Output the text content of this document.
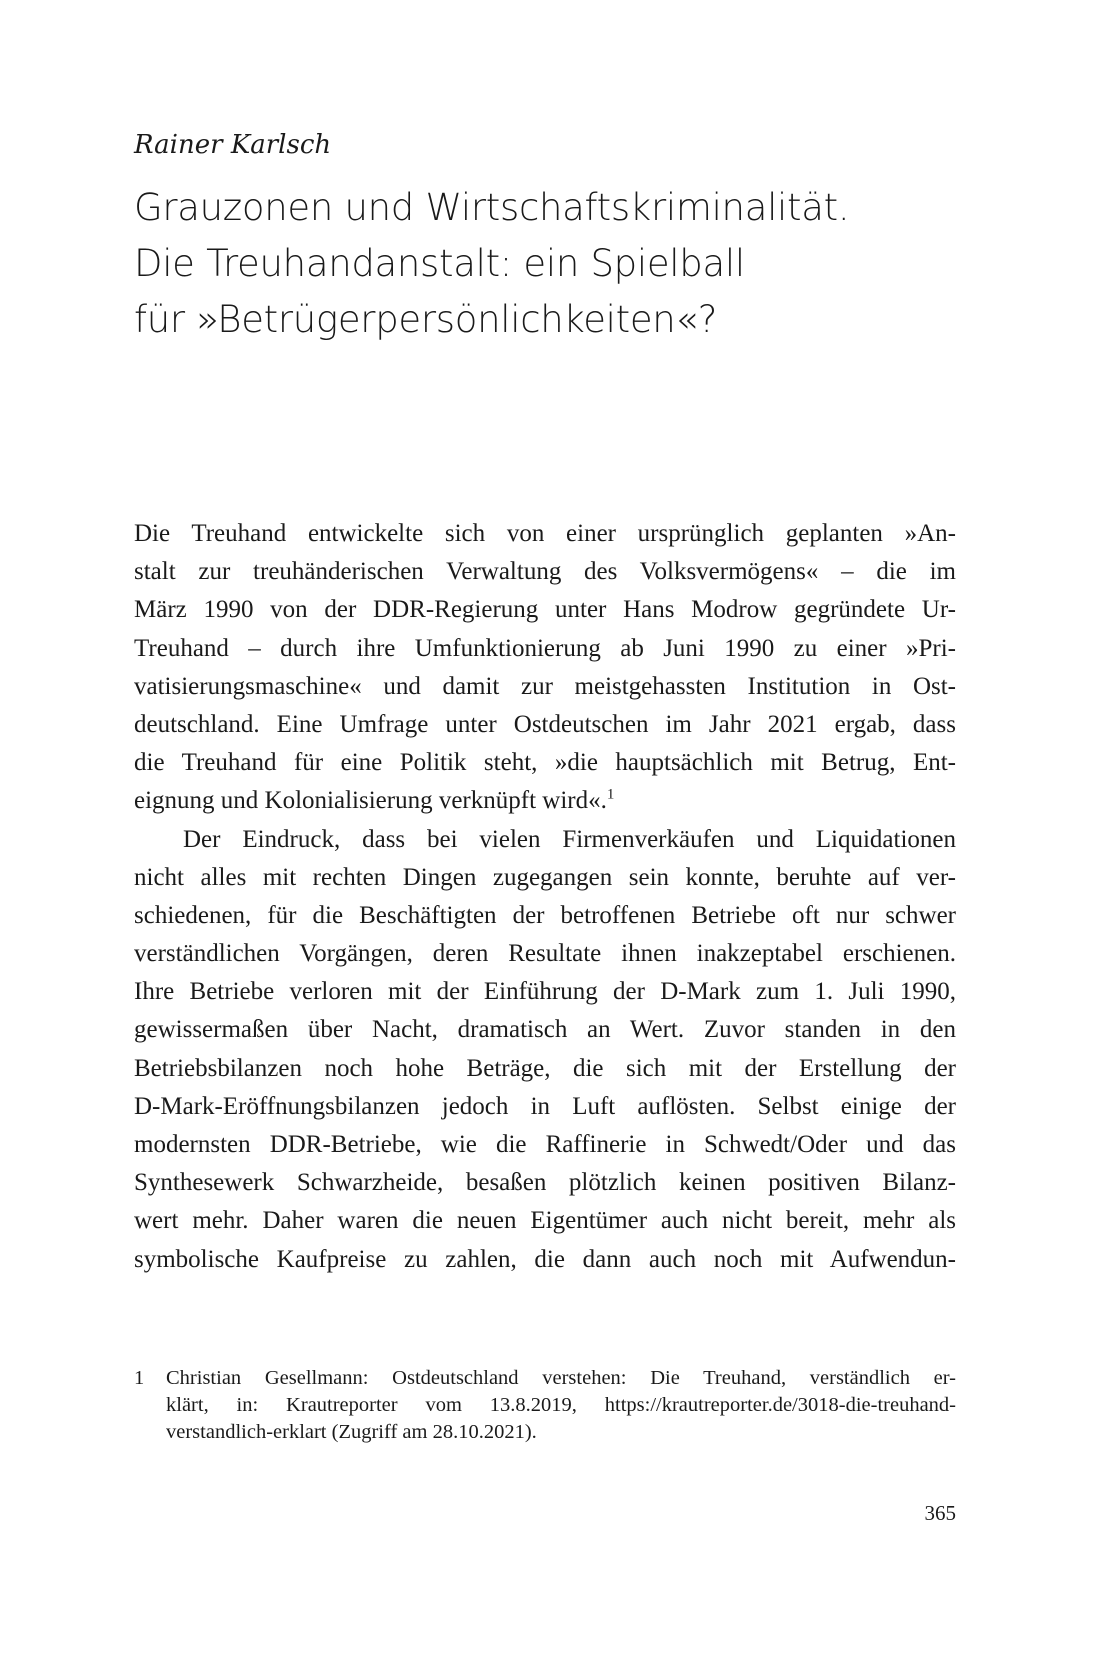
Rainer Karlsch
Grauzonen und Wirtschaftskriminalität.
Die Treuhandanstalt: ein Spielball
für »Betrügerpersönlichkeiten«?
Die Treuhand entwickelte sich von einer ursprünglich geplanten »An-
stalt zur treuhänderischen Verwaltung des Volksvermögens« – die im
März 1990 von der DDR-Regierung unter Hans Modrow gegründete Ur-
Treuhand – durch ihre Umfunktionierung ab Juni 1990 zu einer »Pri-
vatisierungsmaschine« und damit zur meistgehassten Institution in Ost-
deutschland. Eine Umfrage unter Ostdeutschen im Jahr 2021 ergab, dass
die Treuhand für eine Politik steht, »die hauptsächlich mit Betrug, Ent-
eignung und Kolonialisierung verknüpft wird«.$^1$
Der Eindruck, dass bei vielen Firmenverkäufen und Liquidationen
nicht alles mit rechten Dingen zugegangen sein konnte, beruhte auf ver-
schiedenen, für die Beschäftigten der betroffenen Betriebe oft nur schwer
verständlichen Vorgängen, deren Resultate ihnen inakzeptabel erschienen.
Ihre Betriebe verloren mit der Einführung der D-Mark zum 1. Juli 1990,
gewissermaßen über Nacht, dramatisch an Wert. Zuvor standen in den
Betriebsbilanzen noch hohe Beträge, die sich mit der Erstellung der
D-Mark-Eröffnungsbilanzen jedoch in Luft auflösten. Selbst einige der
modernsten DDR-Betriebe, wie die Raffinerie in Schwedt/Oder und das
Synthesewerk Schwarzheide, besaßen plötzlich keinen positiven Bilanz-
wert mehr. Daher waren die neuen Eigentümer auch nicht bereit, mehr als
symbolische Kaufpreise zu zahlen, die dann auch noch mit Aufwendun-
1 Christian Gesellmann: Ostdeutschland verstehen: Die Treuhand, verständlich er-
klärt, in: Krautreporter vom 13.8.2019, https://krautreporter.de/3018-die-treuhand-
verstandlich-erklart (Zugriff am 28.10.2021).
365
